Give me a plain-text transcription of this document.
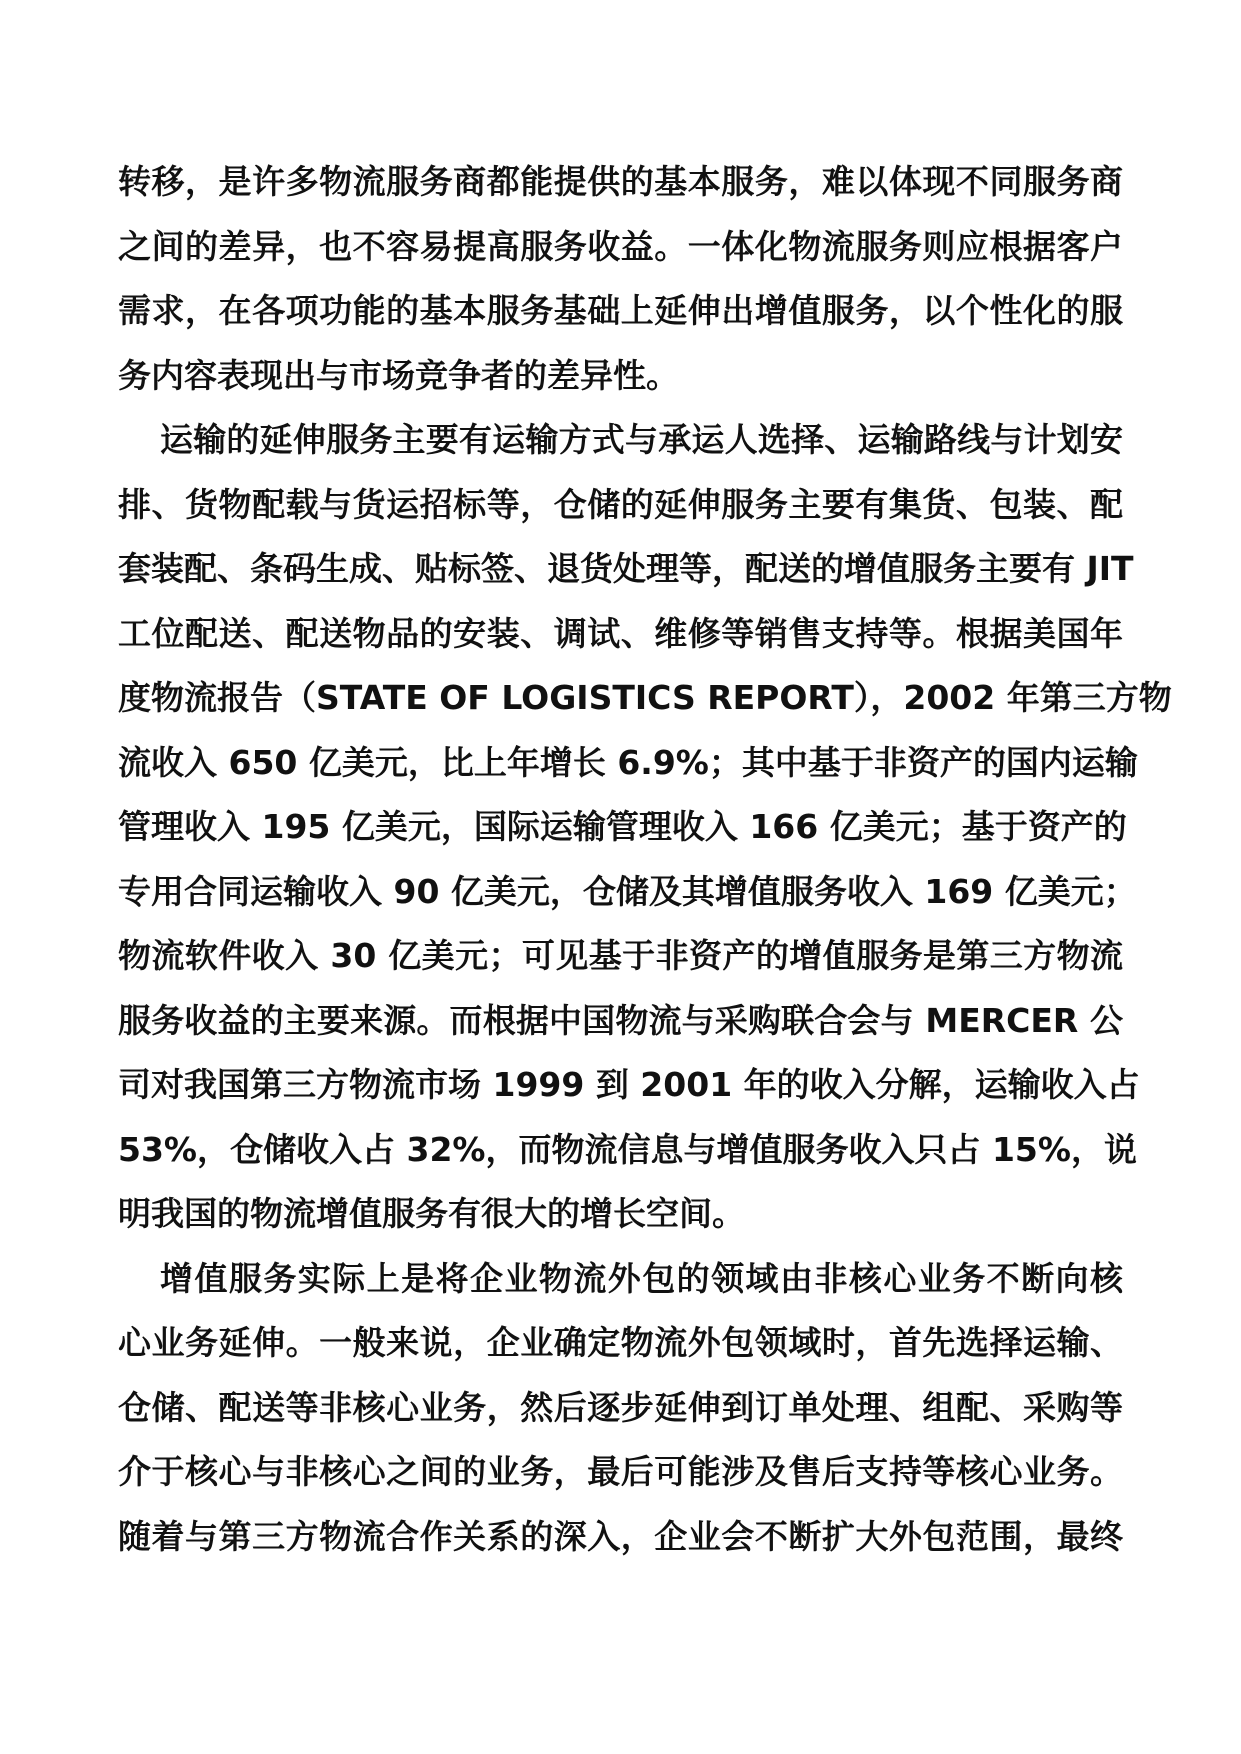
转移，是许多物流服务商都能提供的基本服务，难以体现不同服务商
之间的差异，也不容易提高服务收益。一体化物流服务则应根据客户
需求，在各项功能的基本服务基础上延伸出增值服务，以个性化的服
务内容表现出与市场竞争者的差异性。
运输的延伸服务主要有运输方式与承运人选择、运输路线与计划安
排、货物配载与货运招标等，仓储的延伸服务主要有集货、包装、配
套装配、条码生成、贴标签、退货处理等，配送的增值服务主要有 JIT
工位配送、配送物品的安装、调试、维修等销售支持等。根据美国年
度物流报告（STATE OF LOGISTICS REPORT），2002 年第三方物
流收入 650 亿美元，比上年增长 6.9%；其中基于非资产的国内运输
管理收入 195 亿美元，国际运输管理收入 166 亿美元；基于资产的
专用合同运输收入 90 亿美元，仓储及其增值服务收入 169 亿美元；
物流软件收入 30 亿美元；可见基于非资产的增值服务是第三方物流
服务收益的主要来源。而根据中国物流与采购联合会与 MERCER 公
司对我国第三方物流市场 1999 到 2001 年的收入分解，运输收入占
53%，仓储收入占 32%，而物流信息与增值服务收入只占 15%，说
明我国的物流增值服务有很大的增长空间。
增值服务实际上是将企业物流外包的领域由非核心业务不断向核
心业务延伸。一般来说，企业确定物流外包领域时，首先选择运输、
仓储、配送等非核心业务，然后逐步延伸到订单处理、组配、采购等
介于核心与非核心之间的业务，最后可能涉及售后支持等核心业务。
随着与第三方物流合作关系的深入，企业会不断扩大外包范围，最终
